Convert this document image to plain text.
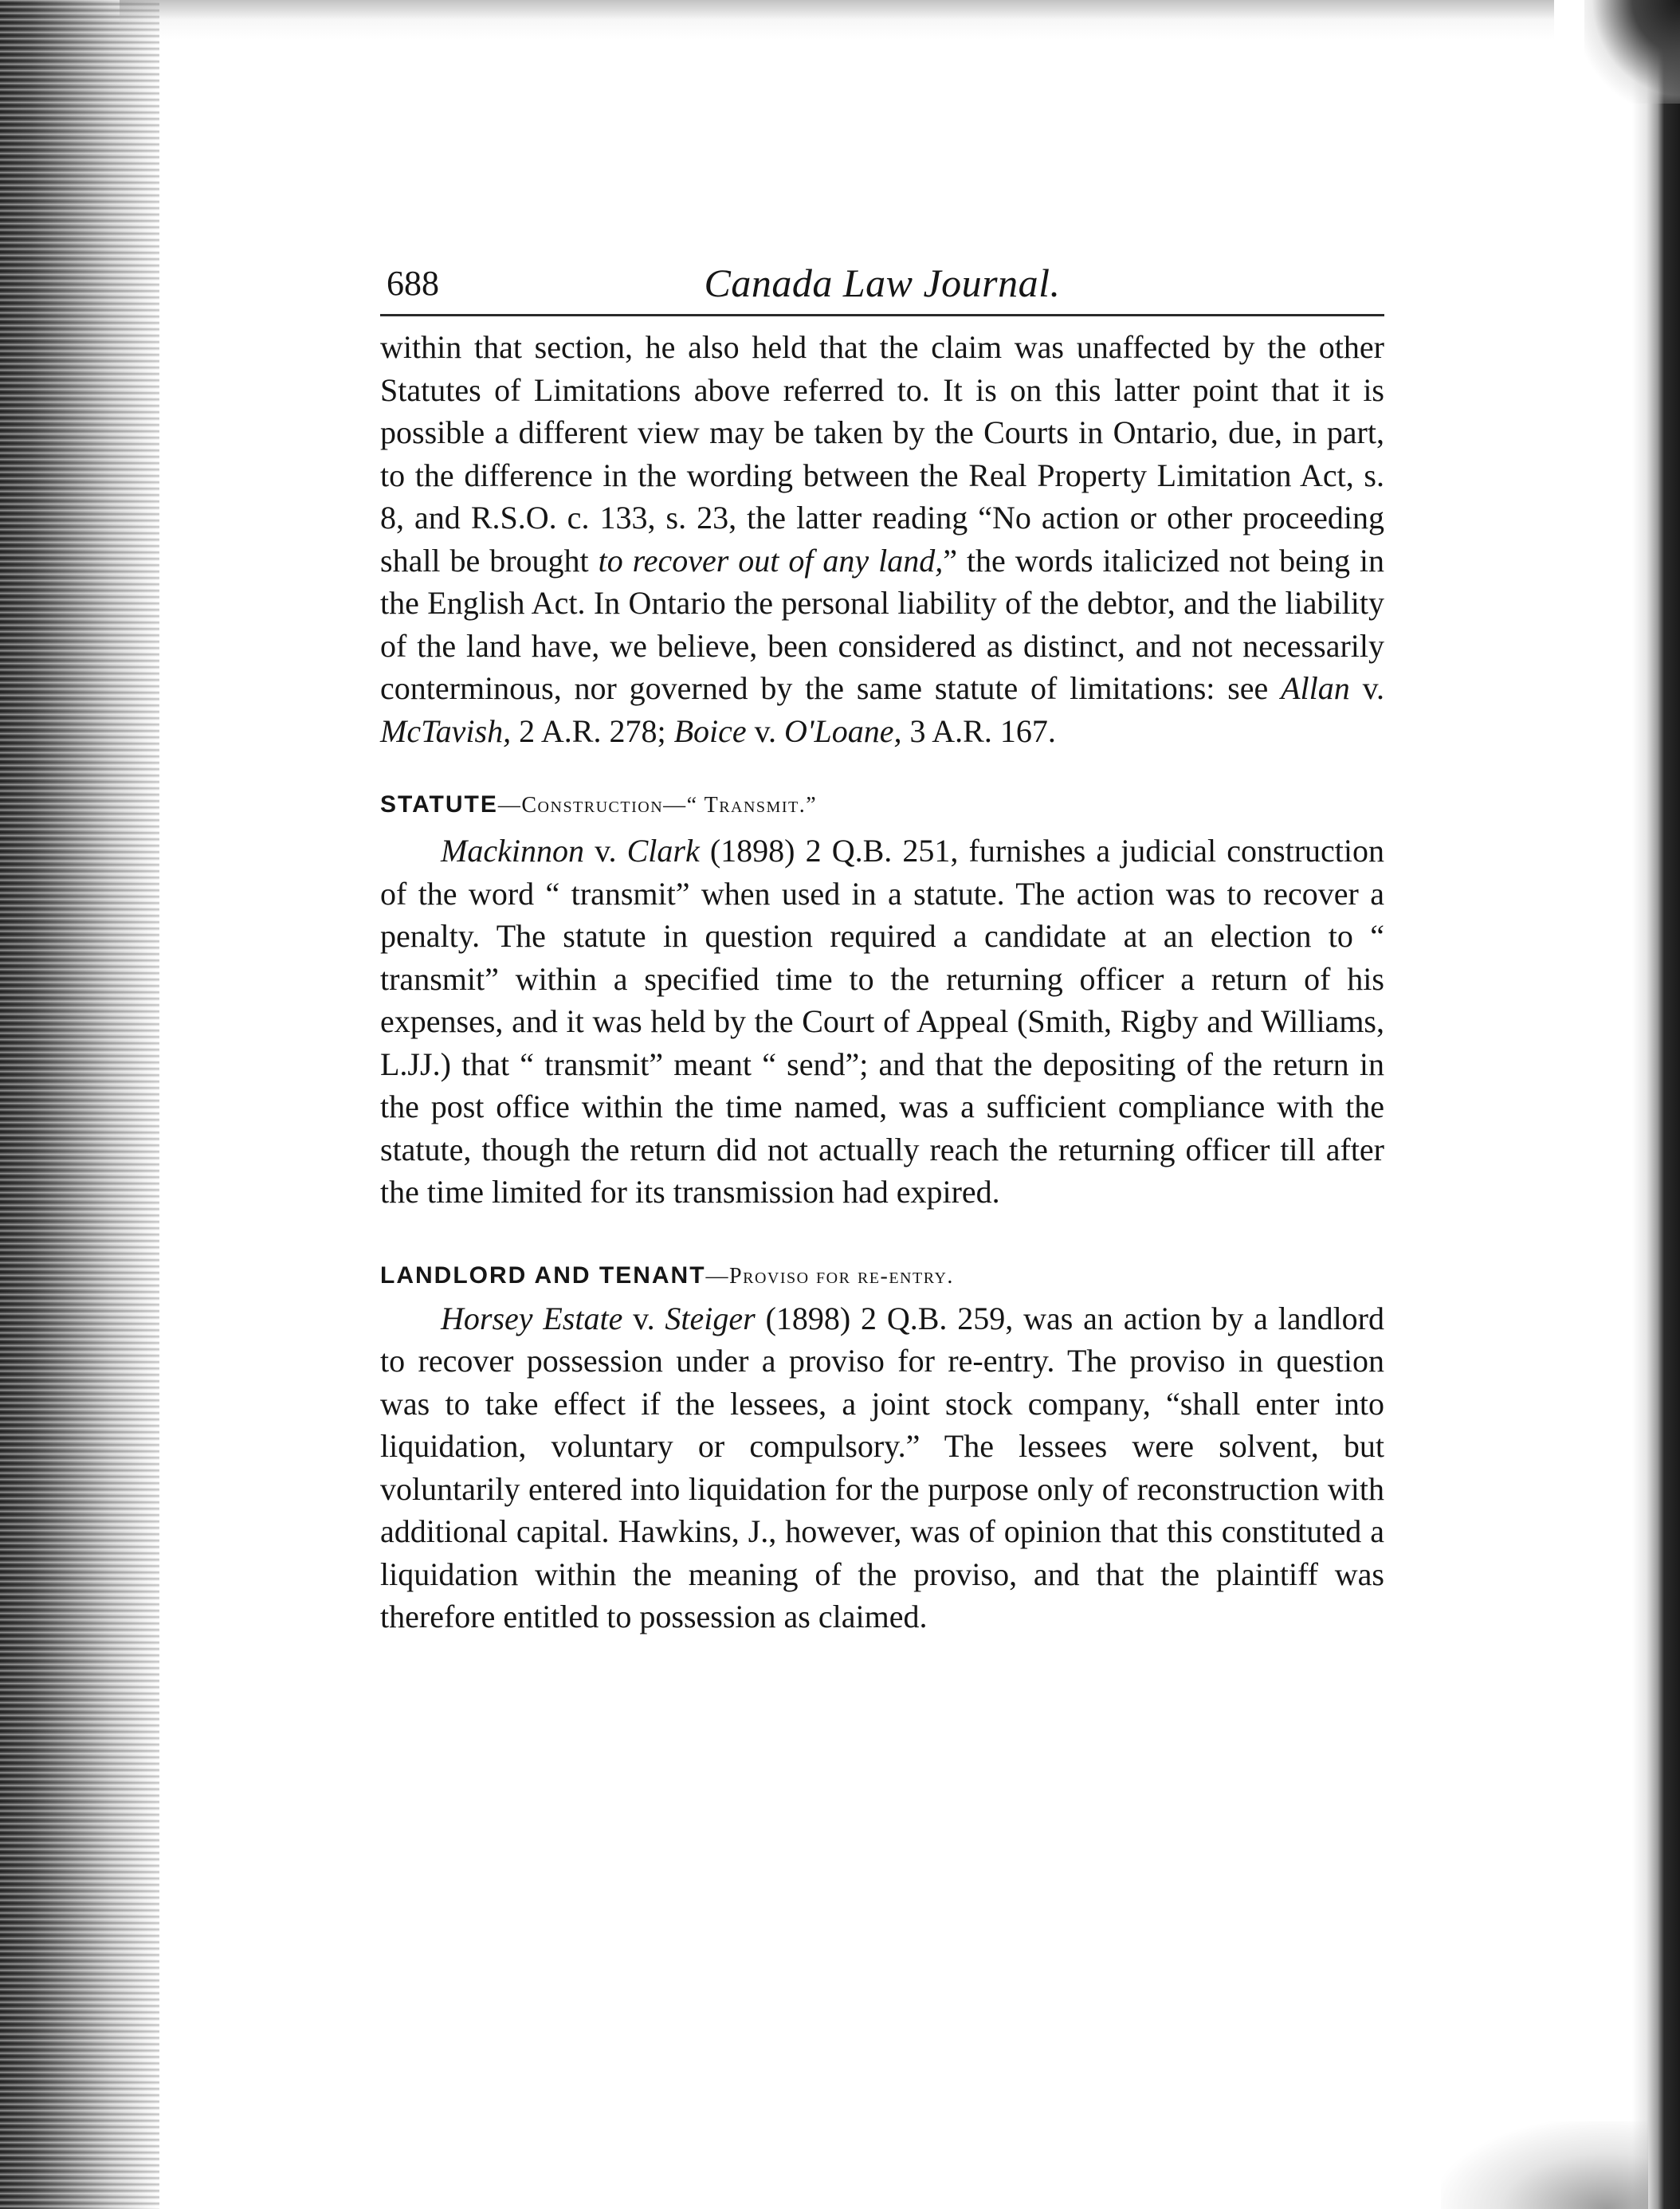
688	Canada Law Journal.

within that section, he also held that the claim was unaffected by the other Statutes of Limitations above referred to. It is on this latter point that it is possible a different view may be taken by the Courts in Ontario, due, in part, to the difference in the wording between the Real Property Limitation Act, s. 8, and R.S.O. c. 133, s. 23, the latter reading “No action or other proceeding shall be brought to recover out of any land,” the words italicized not being in the English Act. In Ontario the personal liability of the debtor, and the liability of the land have, we believe, been considered as distinct, and not necessarily conterminous, nor governed by the same statute of limitations: see Allan v. McTavish, 2 A.R. 278; Boice v. O'Loane, 3 A.R. 167.

STATUTE—Construction—“ Transmit.”

Mackinnon v. Clark (1898) 2 Q.B. 251, furnishes a judicial construction of the word “ transmit” when used in a statute. The action was to recover a penalty. The statute in question required a candidate at an election to “ transmit” within a specified time to the returning officer a return of his expenses, and it was held by the Court of Appeal (Smith, Rigby and Williams, L.JJ.) that “ transmit” meant “ send”; and that the depositing of the return in the post office within the time named, was a sufficient compliance with the statute, though the return did not actually reach the returning officer till after the time limited for its transmission had expired.

LANDLORD AND TENANT—Proviso for re-entry.

Horsey Estate v. Steiger (1898) 2 Q.B. 259, was an action by a landlord to recover possession under a proviso for re-entry. The proviso in question was to take effect if the lessees, a joint stock company, “shall enter into liquidation, voluntary or compulsory.” The lessees were solvent, but voluntarily entered into liquidation for the purpose only of reconstruction with additional capital. Hawkins, J., however, was of opinion that this constituted a liquidation within the meaning of the proviso, and that the plaintiff was therefore entitled to possession as claimed.
